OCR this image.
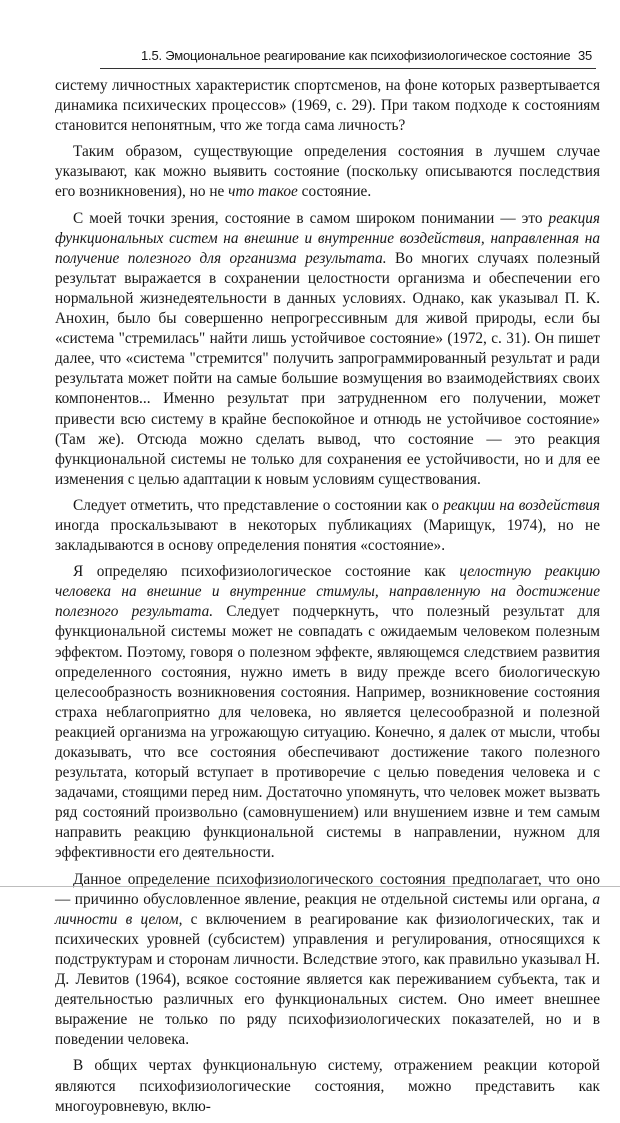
1.5. Эмоциональное реагирование как психофизиологическое состояние 35

систему личностных характеристик спортсменов, на фоне которых развертывается динамика психических процессов» (1969, с. 29). При таком подходе к состояниям становится непонятным, что же тогда сама личность?

Таким образом, существующие определения состояния в лучшем случае указывают, как можно выявить состояние (поскольку описываются последствия его возникновения), но не что такое состояние.

С моей точки зрения, состояние в самом широком понимании — это реакция функциональных систем на внешние и внутренние воздействия, направленная на получение полезного для организма результата. Во многих случаях полезный результат выражается в сохранении целостности организма и обеспечении его нормальной жизнедеятельности в данных условиях. Однако, как указывал П. К. Анохин, было бы совершенно непрогрессивным для живой природы, если бы «система "стремилась" найти лишь устойчивое состояние» (1972, с. 31). Он пишет далее, что «система "стремится" получить запрограммированный результат и ради результата может пойти на самые большие возмущения во взаимодействиях своих компонентов... Именно результат при затрудненном его получении, может привести всю систему в крайне беспокойное и отнюдь не устойчивое состояние» (Там же). Отсюда можно сделать вывод, что состояние — это реакция функциональной системы не только для сохранения ее устойчивости, но и для ее изменения с целью адаптации к новым условиям существования.

Следует отметить, что представление о состоянии как о реакции на воздействия иногда проскальзывают в некоторых публикациях (Марищук, 1974), но не закладываются в основу определения понятия «состояние».

Я определяю психофизиологическое состояние как целостную реакцию человека на внешние и внутренние стимулы, направленную на достижение полезного результата. Следует подчеркнуть, что полезный результат для функциональной системы может не совпадать с ожидаемым человеком полезным эффектом. Поэтому, говоря о полезном эффекте, являющемся следствием развития определенного состояния, нужно иметь в виду прежде всего биологическую целесообразность возникновения состояния. Например, возникновение состояния страха неблагоприятно для человека, но является целесообразной и полезной реакцией организма на угрожающую ситуацию. Конечно, я далек от мысли, чтобы доказывать, что все состояния обеспечивают достижение такого полезного результата, который вступает в противоречие с целью поведения человека и с задачами, стоящими перед ним. Достаточно упомянуть, что человек может вызвать ряд состояний произвольно (самовнушением) или внушением извне и тем самым направить реакцию функциональной системы в направлении, нужном для эффективности его деятельности.

Данное определение психофизиологического состояния предполагает, что оно — причинно обусловленное явление, реакция не отдельной системы или органа, а личности в целом, с включением в реагирование как физиологических, так и психических уровней (субсистем) управления и регулирования, относящихся к подструктурам и сторонам личности. Вследствие этого, как правильно указывал Н. Д. Левитов (1964), всякое состояние является как переживанием субъекта, так и деятельностью различных его функциональных систем. Оно имеет внешнее выражение не только по ряду психофизиологических показателей, но и в поведении человека.

В общих чертах функциональную систему, отражением реакции которой являются психофизиологические состояния, можно представить как многоуровневую, вклю-
